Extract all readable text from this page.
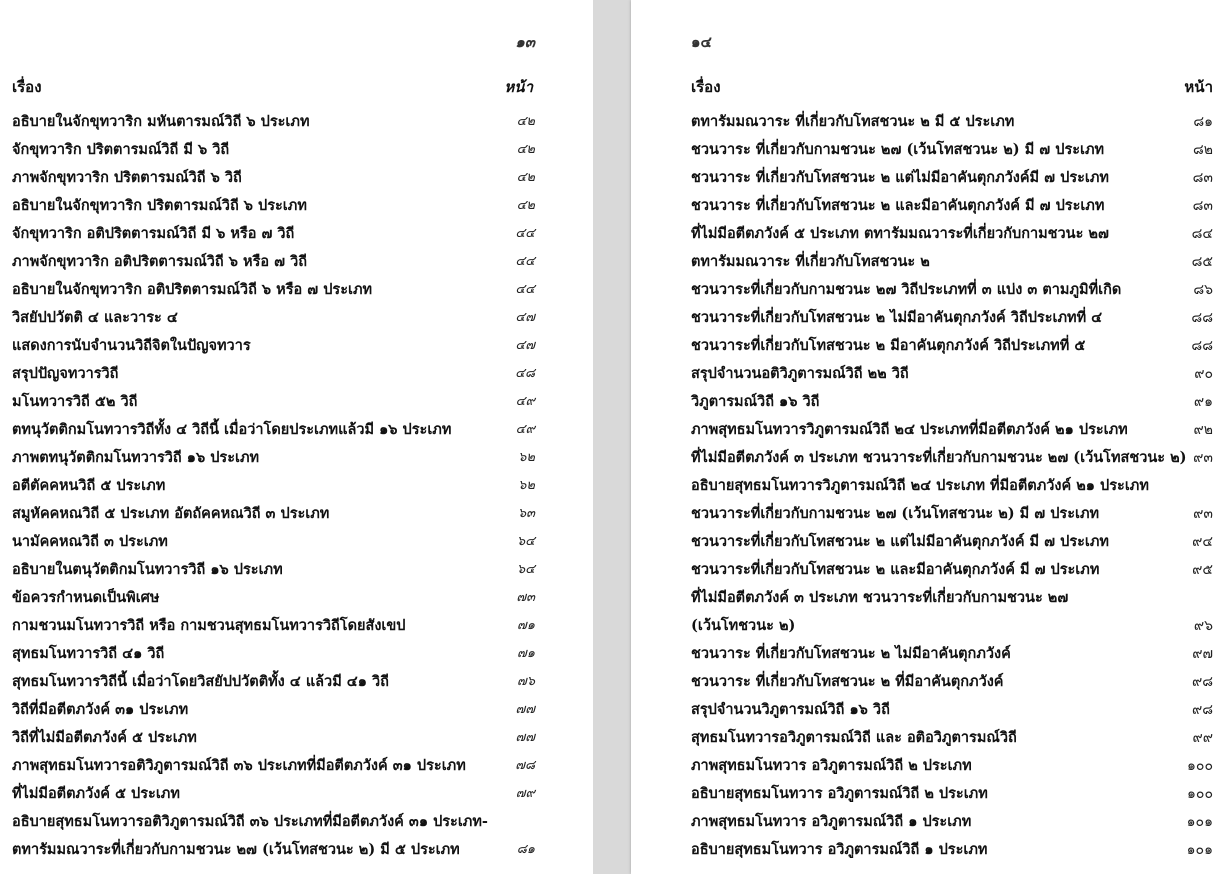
๑๓
เรื่อง	หน้า
อธิบายในจักขุทวาริก มหันตารมณ์วิถี ๖ ประเภท	๔๒
จักขุทวาริก ปริตตารมณ์วิถี มี ๖ วิถี	๔๒
ภาพจักขุทวาริก ปริตตารมณ์วิถี ๖ วิถี	๔๒
อธิบายในจักขุทวาริก ปริตตารมณ์วิถี ๖ ประเภท	๔๒
จักขุทวาริก อติปริตตารมณ์วิถี มี ๖ หรือ ๗ วิถี	๔๔
ภาพจักขุทวาริก อติปริตตารมณ์วิถี ๖ หรือ ๗ วิถี	๔๔
อธิบายในจักขุทวาริก อติปริตตารมณ์วิถี ๖ หรือ ๗ ประเภท	๔๔
วิสยัปปวัตติ ๔ และวาระ ๔	๔๗
แสดงการนับจำนวนวิถีจิตในปัญจทวาร	๔๗
สรุปปัญจทวารวิถี	๔๘
มโนทวารวิถี ๕๒ วิถี	๔๙
ตทนุวัตติกมโนทวารวิถีทั้ง ๔ วิถีนี้ เมื่อว่าโดยประเภทแล้วมี ๑๖ ประเภท	๔๙
ภาพตทนุวัตติกมโนทวารวิถี ๑๖ ประเภท	๖๒
อตีตัคคหนวิถี ๕ ประเภท	๖๒
สมูหัคคหณวิถี ๕ ประเภท อัตถัคคหณวิถี ๓ ประเภท	๖๓
นามัคคหณวิถี ๓ ประเภท	๖๔
อธิบายในตนุวัตติกมโนทวารวิถี ๑๖ ประเภท	๖๔
ข้อควรกำหนดเป็นพิเศษ	๗๓
กามชวนมโนทวารวิถี หรือ กามชวนสุทธมโนทวารวิถีโดยสังเขป	๗๑
สุทธมโนทวารวิถี ๔๑ วิถี	๗๑
สุทธมโนทวารวิถีนี้ เมื่อว่าโดยวิสยัปปวัตติทั้ง ๔ แล้วมี ๔๑ วิถี	๗๖
วิถีที่มีอตีตภวังค์ ๓๑ ประเภท	๗๗
วิถีที่ไม่มีอตีตภวังค์ ๕ ประเภท	๗๗
ภาพสุทธมโนทวารอติวิภูตารมณ์วิถี ๓๖ ประเภทที่มีอตีตภวังค์ ๓๑ ประเภท	๗๘
ที่ไม่มีอตีตภวังค์ ๕ ประเภท	๗๙
อธิบายสุทธมโนทวารอติวิภูตารมณ์วิถี ๓๖ ประเภทที่มีอตีตภวังค์ ๓๑ ประเภท-
ตทารัมมณวาระที่เกี่ยวกับกามชวนะ ๒๗ (เว้นโทสชวนะ ๒) มี ๕ ประเภท	๘๑
๑๔
เรื่อง	หน้า
ตทารัมมณวาระ ที่เกี่ยวกับโทสชวนะ ๒ มี ๕ ประเภท	๘๑
ชวนวาระ ที่เกี่ยวกับกามชวนะ ๒๗ (เว้นโทสชวนะ ๒) มี ๗ ประเภท	๘๒
ชวนวาระ ที่เกี่ยวกับโทสชวนะ ๒ แต่ไม่มีอาคันตุกภวังค์มี ๗ ประเภท	๘๓
ชวนวาระ ที่เกี่ยวกับโทสชวนะ ๒ และมีอาคันตุกภวังค์ มี ๗ ประเภท	๘๓
ที่ไม่มีอตีตภวังค์ ๕ ประเภท ตทารัมมณวาระที่เกี่ยวกับกามชวนะ ๒๗	๘๔
ตทารัมมณวาระ ที่เกี่ยวกับโทสชวนะ ๒	๘๕
ชวนวาระที่เกี่ยวกับกามชวนะ ๒๗ วิถีประเภทที่ ๓ แบ่ง ๓ ตามภูมิที่เกิด	๘๖
ชวนวาระที่เกี่ยวกับโทสชวนะ ๒ ไม่มีอาคันตุกภวังค์ วิถีประเภทที่ ๔	๘๘
ชวนวาระที่เกี่ยวกับโทสชวนะ ๒ มีอาคันตุกภวังค์ วิถีประเภทที่ ๕	๘๘
สรุปจำนวนอติวิภูตารมณ์วิถี ๒๒ วิถี	๙๐
วิภูตารมณ์วิถี ๑๖ วิถี	๙๑
ภาพสุทธมโนทวารวิภูตารมณ์วิถี ๒๔ ประเภทที่มีอตีตภวังค์ ๒๑ ประเภท	๙๒
ที่ไม่มีอตีตภวังค์ ๓ ประเภท ชวนวาระที่เกี่ยวกับกามชวนะ ๒๗ (เว้นโทสชวนะ ๒) ๙๓
อธิบายสุทธมโนทวารวิภูตารมณ์วิถี ๒๔ ประเภท ที่มีอตีตภวังค์ ๒๑ ประเภท
ชวนวาระที่เกี่ยวกับกามชวนะ ๒๗ (เว้นโทสชวนะ ๒) มี ๗ ประเภท	๙๓
ชวนวาระที่เกี่ยวกับโทสชวนะ ๒ แต่ไม่มีอาคันตุกภวังค์ มี ๗ ประเภท	๙๔
ชวนวาระที่เกี่ยวกับโทสชวนะ ๒ และมีอาคันตุกภวังค์ มี ๗ ประเภท	๙๕
ที่ไม่มีอตีตภวังค์ ๓ ประเภท ชวนวาระที่เกี่ยวกับกามชวนะ ๒๗
(เว้นโทชวนะ ๒)	๙๖
ชวนวาระ ที่เกี่ยวกับโทสชวนะ ๒ ไม่มีอาคันตุกภวังค์	๙๗
ชวนวาระ ที่เกี่ยวกับโทสชวนะ ๒ ที่มีอาคันตุกภวังค์	๙๘
สรุปจำนวนวิภูตารมณ์วิถี ๑๖ วิถี	๙๘
สุทธมโนทวารอวิภูตารมณ์วิถี และ อติอวิภูตารมณ์วิถี	๙๙
ภาพสุทธมโนทวาร อวิภูตารมณ์วิถี ๒ ประเภท	๑๐๐
อธิบายสุทธมโนทวาร อวิภูตารมณ์วิถี ๒ ประเภท	๑๐๐
ภาพสุทธมโนทวาร อวิภูตารมณ์วิถี ๑ ประเภท	๑๐๑
อธิบายสุทธมโนทวาร อวิภูตารมณ์วิถี ๑ ประเภท	๑๐๑
